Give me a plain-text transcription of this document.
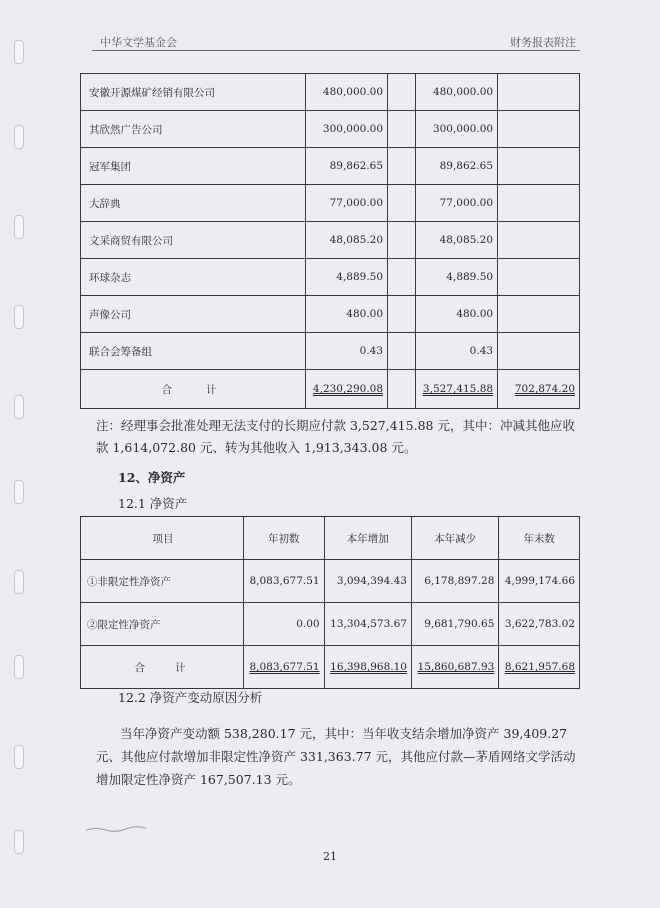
中华文学基金会	财务报表附注
安徽开源煤矿经销有限公司	480,000.00		480,000.00	
其欣然广告公司	300,000.00		300,000.00	
冠军集团	89,862.65		89,862.65	
大辞典	77,000.00		77,000.00	
文采商贸有限公司	48,085.20		48,085.20	
环球杂志	4,889.50		4,889.50	
声像公司	480.00		480.00	
联合会筹备组	0.43		0.43	
合计	4,230,290.08		3,527,415.88	702,874.20
注：经理事会批准处理无法支付的长期应付款 3,527,415.88 元，其中：冲减其他应收款 1,614,072.80 元、转为其他收入 1,913,343.08 元。
12、净资产
12.1 净资产
项目	年初数	本年增加	本年减少	年末数
①非限定性净资产	8,083,677.51	3,094,394.43	6,178,897.28	4,999,174.66
②限定性净资产	0.00	13,304,573.67	9,681,790.65	3,622,783.02
合计	8,083,677.51	16,398,968.10	15,860,687.93	8,621,957.68
12.2 净资产变动原因分析
当年净资产变动额 538,280.17 元，其中：当年收支结余增加净资产 39,409.27 元、其他应付款增加非限定性净资产 331,363.77 元，其他应付款—茅盾网络文学活动增加限定性净资产 167,507.13 元。
21
